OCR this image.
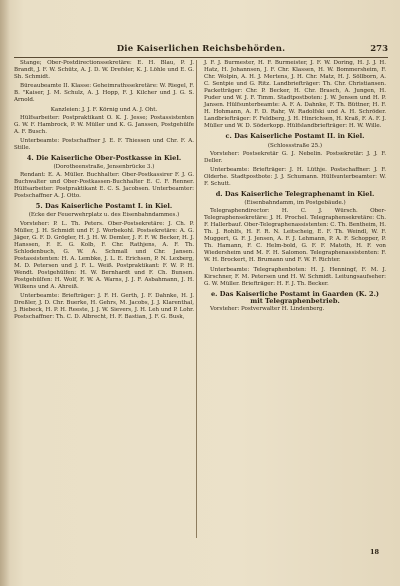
Die Kaiserlichen Reichsbehörden.	273
Stange; Ober-Postdirectionssekretäre: E. H. Blau, P. J. Brandt, J. F. W. Schütz, A. J. D. W. Drefsler, K. J. Löhle und E. G. Sh. Schmidt.
Büreaubeamte II. Klasse: Geheimrathssekretäre: W. Riegel, F. B. "Kaiser, J. M. Schulz, A. J. Hopp, F. J. Kilcher und J. G. S. Arnold.
Kanzleien: J. J. F. Körnig und A. J. Oht.
Hülfsarbeiter: Postpraktikant O. K. J. Jesse; Postassistenten G. W. F. Hambrock, P. W. Müller und K. G. Janssen, Postgehülfe A. F. Busch.
Unterbeamte: Postschaffner J. E. F. Thiessen und Chr. F. A. Stille.
4. Die Kaiserliche Ober-Postkasse in Kiel.
(Dorotheenstraße, Jensenbrücke 3.)
Rendant: E. A. Müller. Buchhalter: Ober-Postkassirer F. J. G. Buchwalter und Ober-Postkassen-Buchhalter E. C. F. Renner. Hülfsarbeiter: Postpraktikant E. C. S. Jacobsen. Unterbeamter: Postschaffner A. J. Otto.
5. Das Kaiserliche Postamt I. in Kiel.
(Ecke der Feuerwehrplatz u. des Eisenbahndammes.)
Vorsteher: P. L. Th. Peters. Ober-Postsekretäre: J. Ch. P. Müller, J. H. Schmidt und F. J. Worbekohl. Postsekretäre: A. G. Jäger, G. F. D. Grögler, H. J. H. W. Demler, J. F. F. W. Becker, H. J. Hanssen, F. E. G. Kolb, F. Chr. Rathjens, A. F. Th. Schlodenbuch, G. W. A. Schmall und Chr. Jansen. Postassistenten: H. A. Lembke, J. L. E. Erichsen, P. N. Lexberg, M. D. Petersen und J. F. L. Weiß. Postpraktikant: F. W. P. H. Wendt. Postgehülfen: H. W. Bernhardt und F. Ch. Bunsen. Postgehülfen: H. Wolf, F. W. A. Warns, J. J. F. Asbahmann, J. H. Wilkens und A. Ahreiß.
Unterbeamte: Briefträger: J. F. H. Gerth, J. F. Dahnke, H. J. Dreßler, J. D. Chr. Buerke, H. Gehrs, M. Jacobs, J. J. Klarenthal, J. Riebeck, H. P. H. Reeste, J. J. W. Sievers, J. H. Leh und P. Lohr. Postschaffner: Th. C. D. Albrecht, H. F. Bastian, J. F. G. Busk,
J. F. J. Burmester, H. F. Burmeister, J. F. W. Doring, H. J. J. H. Hatz, H. Johannsen, J. F. Chr. Klassen, H. W. Bommersheim, F. Chr. Wolpin, A. H. J. Mertens, J. H. Chr. Matz, H. J. Söllborn, A. C. Sentpie und G. Ritz. Landbriefträger: Th. Chr. Christiansen. Packetträger: Chr. P. Becker, H. Chr. Brasch, A. Jungen, H. Puder und W. J. F. Timm. Stadtpostboten: J. W. Jensen und H. P. Jansen. Hülfsunterbeamte: A. F. A. Dahnke, F. Th. Büttner, H. F. H. Hohmann, A. F. D. Rahr, W. Radolfski und A. H. Schröder. Landbriefträger: F. Feldberg, J. H. Hinrichsen, H. Kraß, F. A. F. J. Müller und W. D. Söderkopp. Hülfslandbriefträger: H. W. Wille.
c. Das Kaiserliche Postamt II. in Kiel.
(Schlossstraße 25.)
Vorsteher: Postsekretär G. J. Nebelin. Postsekretär: J. J. F. Deller.
Unterbeamte: Briefträger: J. H. Lüthje. Postschaffner: J. F. Olderhe. Stadtpostbote: J. J. Schumann. Hülfsunterbeamter: W. F. Schutt.
d. Das Kaiserliche Telegraphenamt in Kiel.
(Eisenbahndamm, im Postgebäude.)
Telegraphendirector: H. C. J. Würsch. Ober-Telegraphensekretäre: J. H. Prochel. Telegraphensekretäre: Ch. F. Hallerbauf. Ober-Telegraphenassistenten: C. Th. Bentheim, H. Th. J. Rohlfs, H. F. R. N. Leitscheig, E. F. Th. Weindl, W. F. Muggert, G. F. J. Jensen, A. F. J. Lehmann, P. A. F. Schopper, P. Th. Hamann, F. C. Helm-bold, G. F. F. Matoth, H. F. von Wiedersheim und M. F. H. Salomon. Telegraphenassistenten: F. W. H. Brockert, H. Brumann und F. W. F. Richter.
Unterbeamte: Telegraphenboten: H. J. Henningf, F. M. J. Kirschner, F. M. Petersen und H. W. Schmidt. Leitungsaufseher: G. W. Müller. Briefträger: H. F. J. Th. Becker.
e. Das Kaiserliche Postamt in Gaarden (K. 2.) mit Telegraphenbetrieb.
Vorsteher: Postverwalter H. Lindenberg.
18
